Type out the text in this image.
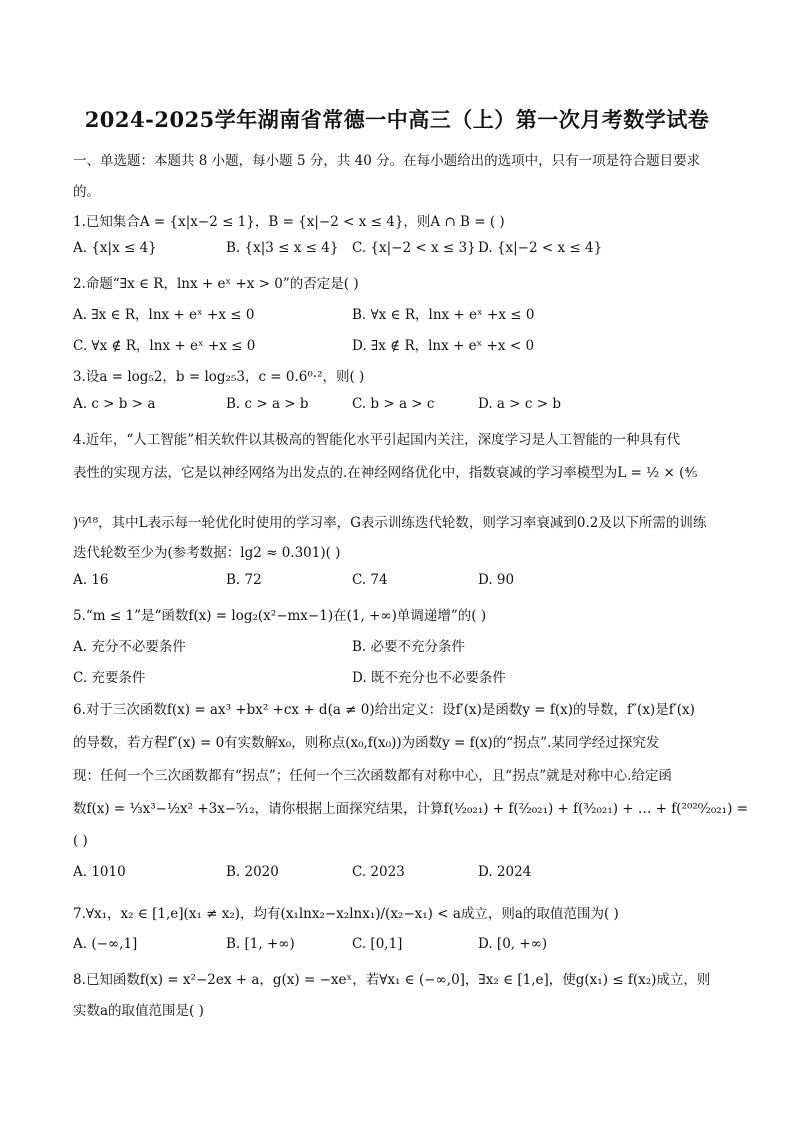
2024-2025学年湖南省常德一中高三（上）第一次月考数学试卷
一、单选题：本题共 8 小题，每小题 5 分，共 40 分。在每小题给出的选项中，只有一项是符合题目要求
的。
1.已知集合A = {x|x−2 ≤ 1}，B = {x|−2 < x ≤ 4}，则A ∩ B = ( )
A. {x|x ≤ 4}	B. {x|3 ≤ x ≤ 4} C. {x|−2 < x ≤ 3} D. {x|−2 < x ≤ 4}
2.命题“∃x ∈ R，lnx + eˣ +x > 0”的否定是( )
A. ∃x ∈ R，lnx + eˣ +x ≤ 0	B. ∀x ∈ R，lnx + eˣ +x ≤ 0
C. ∀x ∉ R，lnx + eˣ +x ≤ 0	D. ∃x ∉ R，lnx + eˣ +x < 0
3.设a = log₅2，b = log₂₅3，c = 0.6⁰·²，则( )
A. c > b > a	B. c > a > b	C. b > a > c	D. a > c > b
4.近年，“人工智能”相关软件以其极高的智能化水平引起国内关注，深度学习是人工智能的一种具有代
表性的实现方法，它是以神经网络为出发点的.在神经网络优化中，指数衰减的学习率模型为L = ½ × (⁴⁄₅
)ᴳ⁄¹⁸，其中L表示每一轮优化时使用的学习率，G表示训练迭代轮数，则学习率衰减到0.2及以下所需的训练
迭代轮数至少为(参考数据：lg2 ≈ 0.301)( )
A. 16	B. 72	C. 74	D. 90
5.“m ≤ 1”是“函数f(x) = log₂(x²−mx−1)在(1, +∞)单调递增”的( )
A. 充分不必要条件	B. 必要不充分条件
C. 充要条件	D. 既不充分也不必要条件
6.对于三次函数f(x) = ax³ +bx² +cx + d(a ≠ 0)给出定义：设f′(x)是函数y = f(x)的导数，f″(x)是f′(x)
的导数，若方程f″(x) = 0有实数解x₀，则称点(x₀,f(x₀))为函数y = f(x)的“拐点”.某同学经过探究发
现：任何一个三次函数都有“拐点”；任何一个三次函数都有对称中心，且“拐点”就是对称中心.给定函
数f(x) = ⅓x³−½x² +3x−⁵⁄₁₂，请你根据上面探究结果，计算f(¹⁄₂₀₂₁) + f(²⁄₂₀₂₁) + f(³⁄₂₀₂₁) + … + f(²⁰²⁰⁄₂₀₂₁) =
( )
A. 1010	B. 2020	C. 2023	D. 2024
7.∀x₁，x₂ ∈ [1,e](x₁ ≠ x₂)，均有(x₁lnx₂−x₂lnx₁)/(x₂−x₁) < a成立，则a的取值范围为( )
A. (−∞,1]	B. [1, +∞)	C. [0,1]	D. [0, +∞)
8.已知函数f(x) = x²−2ex + a，g(x) = −xeˣ，若∀x₁ ∈ (−∞,0]，∃x₂ ∈ [1,e]，使g(x₁) ≤ f(x₂)成立，则
实数a的取值范围是( )
